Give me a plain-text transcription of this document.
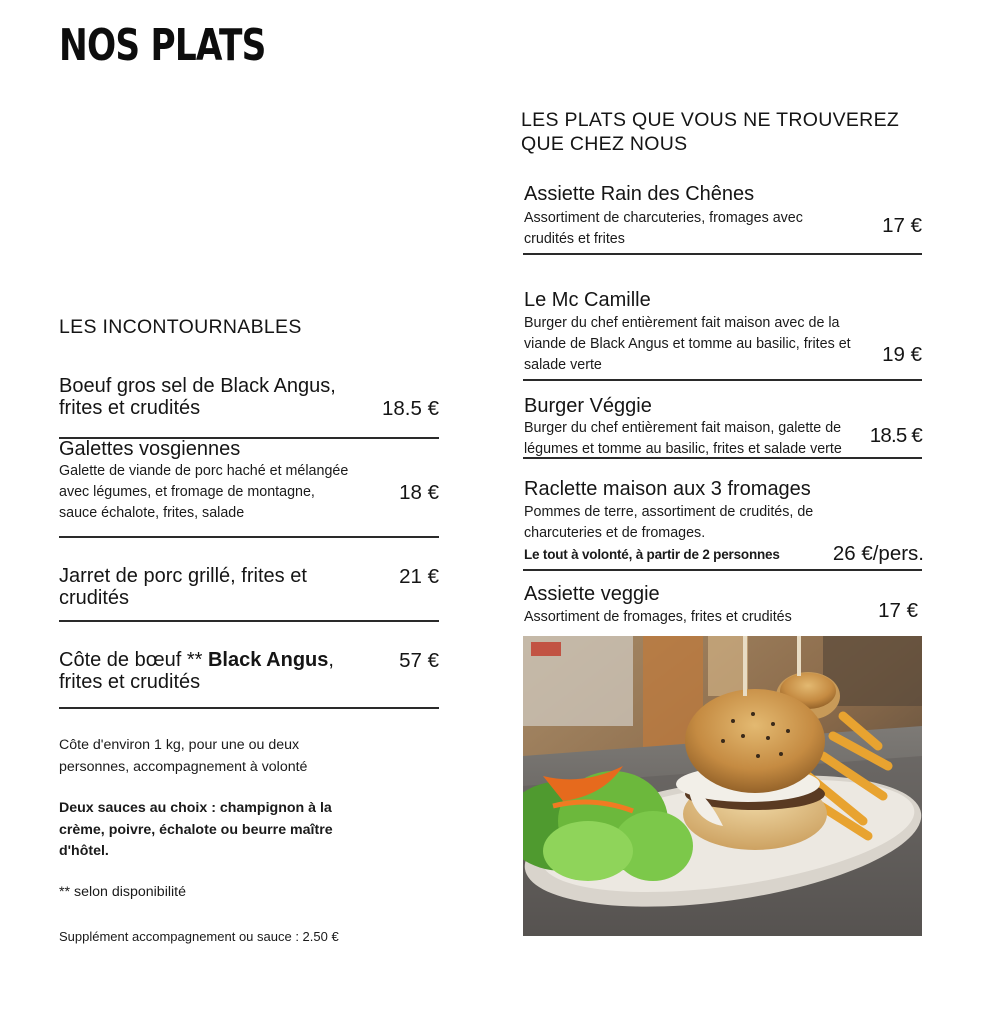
NOS PLATS
LES INCONTOURNABLES
Boeuf gros sel de Black Angus, frites et crudités	18.5 €
Galettes vosgiennes
Galette de viande de porc haché et mélangée avec légumes, et fromage de montagne, sauce échalote, frites, salade
18 €
Jarret de porc grillé, frites et crudités
21 €
Côte de bœuf ** Black Angus, frites et crudités
57 €
Côte d'environ 1 kg, pour une ou deux personnes, accompagnement à volonté
Deux sauces au choix : champignon à la crème, poivre, échalote ou beurre maître d'hôtel.
** selon disponibilité
Supplément accompagnement ou sauce : 2.50 €
LES PLATS QUE VOUS NE TROUVEREZ QUE CHEZ NOUS
Assiette Rain des Chênes
Assortiment de charcuteries, fromages avec crudités et frites
17 €
Le Mc Camille
Burger du chef entièrement fait maison avec de la viande de Black Angus et tomme au basilic, frites et salade verte	19 €
Burger Véggie
Burger du chef entièrement fait maison, galette de légumes et tomme au basilic, frites et salade verte
18.5 €
Raclette maison aux 3 fromages
Pommes de terre, assortiment de crudités, de charcuteries et de fromages.
Le tout à volonté, à partir de 2 personnes	26 €/pers.
Assiette veggie
Assortiment de fromages, frites et crudités	17 €
